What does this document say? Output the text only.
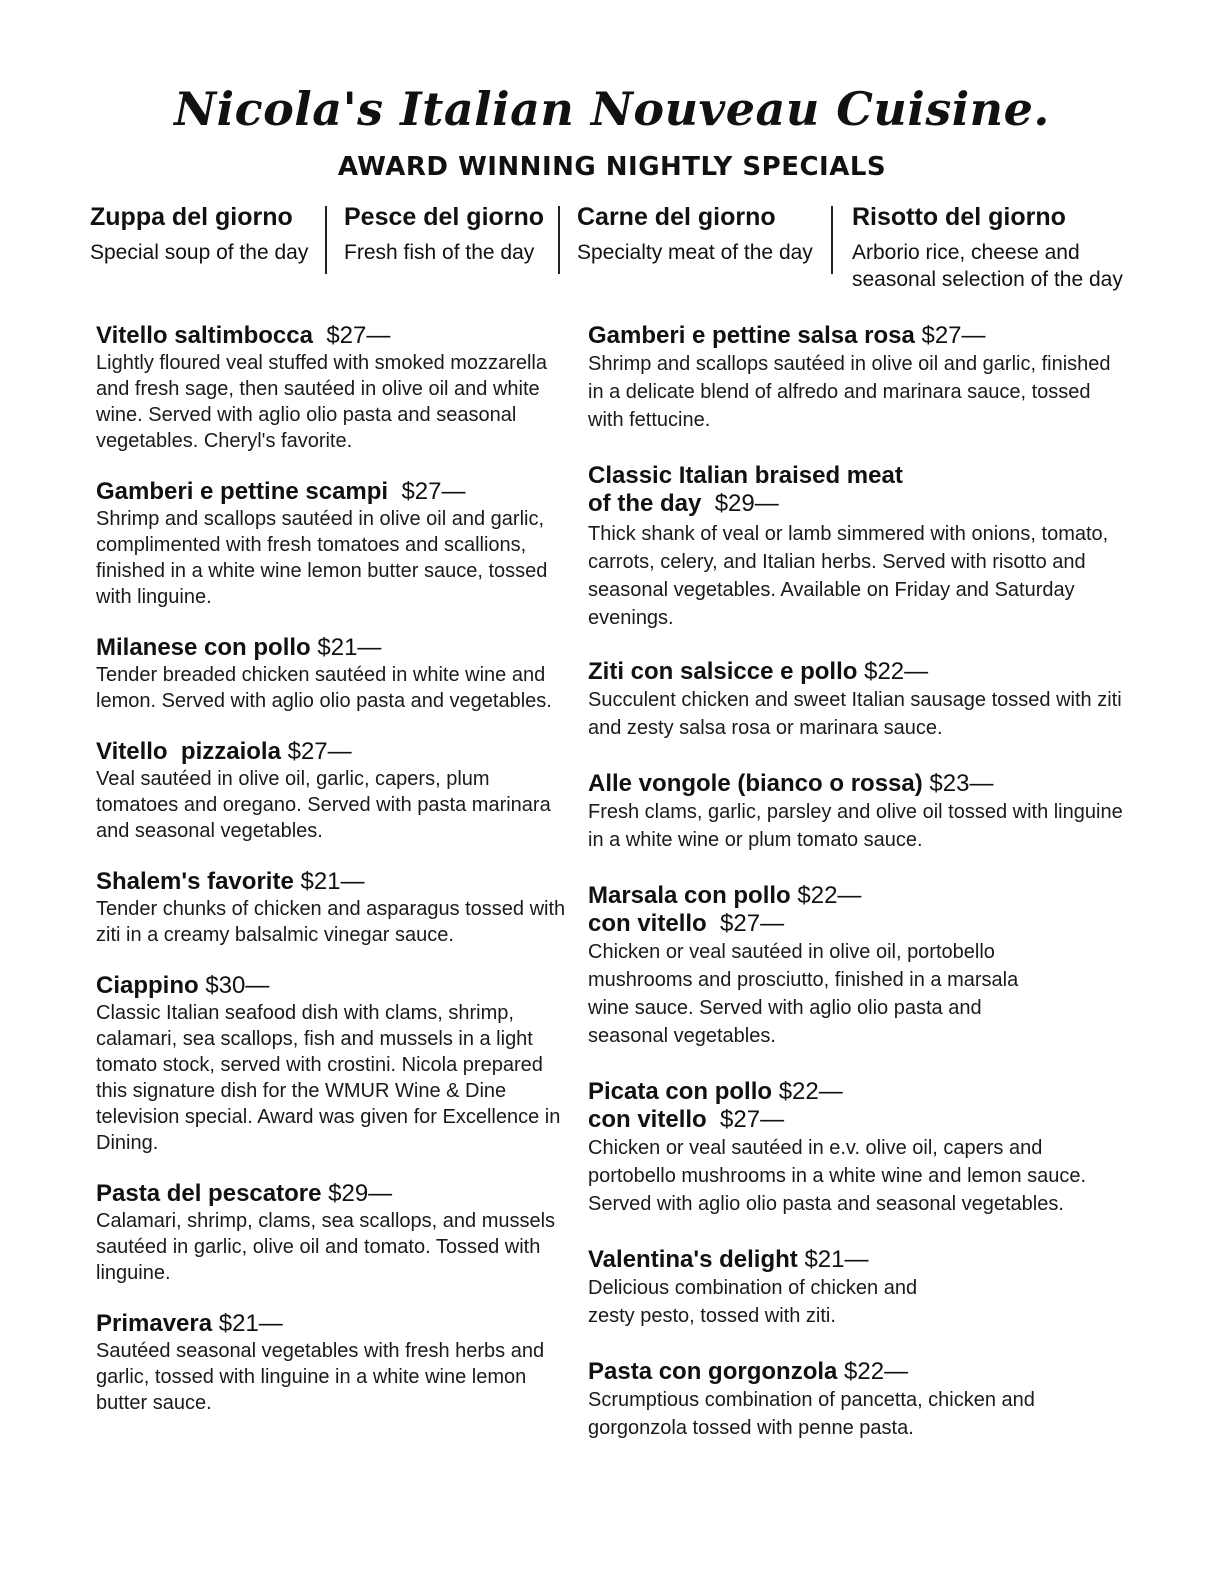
Nicola's Italian Nouveau Cuisine.
AWARD WINNING NIGHTLY SPECIALS
Zuppa del giorno
Special soup of the day
Pesce del giorno
Fresh fish of the day
Carne del giorno
Specialty meat of the day
Risotto del giorno
Arborio rice, cheese and seasonal selection of the day
Vitello saltimbocca $27—
Lightly floured veal stuffed with smoked mozzarella and fresh sage, then sautéed in olive oil and white wine. Served with aglio olio pasta and seasonal vegetables. Cheryl's favorite.
Gamberi e pettine scampi $27—
Shrimp and scallops sautéed in olive oil and garlic, complimented with fresh tomatoes and scallions, finished in a white wine lemon butter sauce, tossed with linguine.
Milanese con pollo $21—
Tender breaded chicken sautéed in white wine and lemon. Served with aglio olio pasta and vegetables.
Vitello  pizzaiola $27—
Veal sautéed in olive oil, garlic, capers, plum tomatoes and oregano. Served with pasta marinara and seasonal vegetables.
Shalem's favorite $21—
Tender chunks of chicken and asparagus tossed with ziti in a creamy balsalmic vinegar sauce.
Ciappino $30—
Classic Italian seafood dish with clams, shrimp, calamari, sea scallops, fish and mussels in a light tomato stock, served with crostini. Nicola prepared this signature dish for the WMUR Wine & Dine television special. Award was given for Excellence in Dining.
Pasta del pescatore $29—
Calamari, shrimp, clams, sea scallops, and mussels sautéed in garlic, olive oil and tomato. Tossed with linguine.
Primavera $21—
Sautéed seasonal vegetables with fresh herbs and garlic, tossed with linguine in a white wine lemon butter sauce.
Gamberi e pettine salsa rosa $27—
Shrimp and scallops sautéed in olive oil and garlic, finished in a delicate blend of alfredo and marinara sauce, tossed with fettucine.
Classic Italian braised meat of the day $29—
Thick shank of veal or lamb simmered with onions, tomato, carrots, celery, and Italian herbs. Served with risotto and seasonal vegetables. Available on Friday and Saturday evenings.
Ziti con salsicce e pollo $22—
Succulent chicken and sweet Italian sausage tossed with ziti and zesty salsa rosa or marinara sauce.
Alle vongole (bianco o rossa) $23—
Fresh clams, garlic, parsley and olive oil tossed with linguine in a white wine or plum tomato sauce.
Marsala con pollo $22—
con vitello $27—
Chicken or veal sautéed in olive oil, portobello mushrooms and prosciutto, finished in a marsala wine sauce. Served with aglio olio pasta and seasonal vegetables.
Picata con pollo $22—
con vitello $27—
Chicken or veal sautéed in e.v. olive oil, capers and portobello mushrooms in a white wine and lemon sauce. Served with aglio olio pasta and seasonal vegetables.
Valentina's delight $21—
Delicious combination of chicken and zesty pesto, tossed with ziti.
Pasta con gorgonzola $22—
Scrumptious combination of pancetta, chicken and gorgonzola tossed with penne pasta.
